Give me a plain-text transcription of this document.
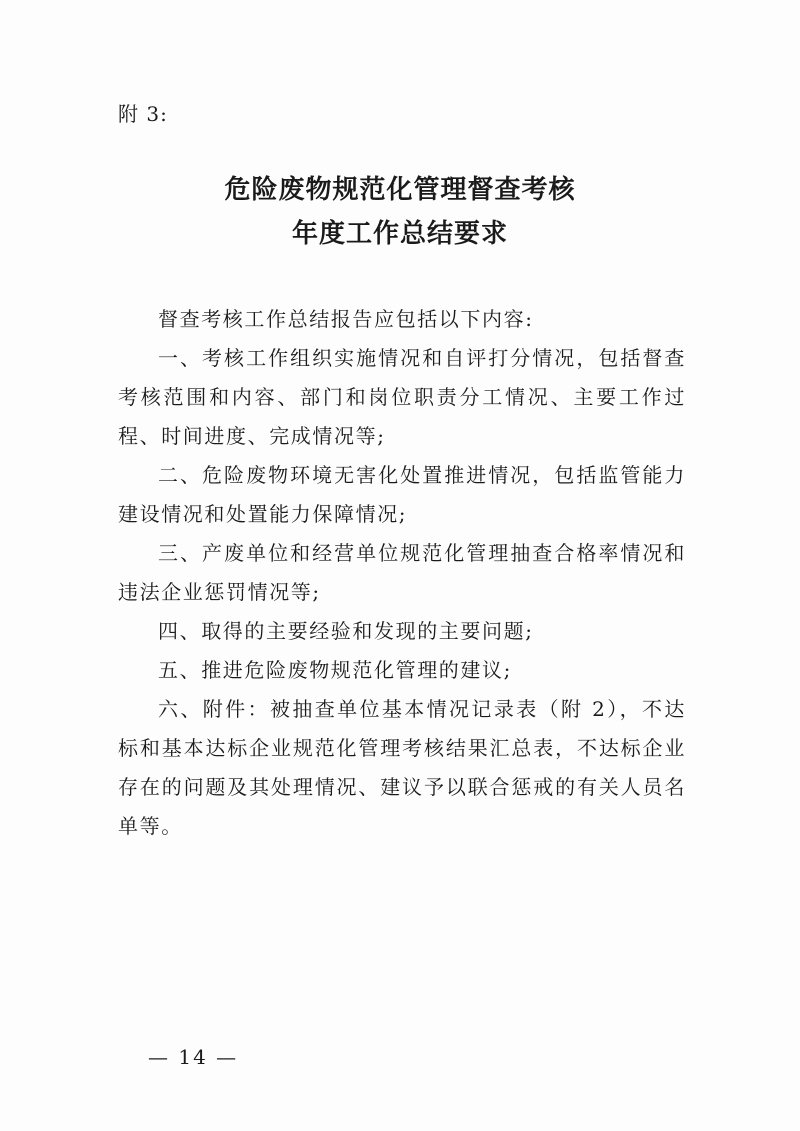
附 3:
危险废物规范化管理督查考核
年度工作总结要求

督查考核工作总结报告应包括以下内容:

一、考核工作组织实施情况和自评打分情况，包括督查考核范围和内容、部门和岗位职责分工情况、主要工作过程、时间进度、完成情况等;

二、危险废物环境无害化处置推进情况，包括监管能力建设情况和处置能力保障情况;

三、产废单位和经营单位规范化管理抽查合格率情况和违法企业惩罚情况等;

四、取得的主要经验和发现的主要问题;

五、推进危险废物规范化管理的建议;

六、附件：被抽查单位基本情况记录表（附 2），不达标和基本达标企业规范化管理考核结果汇总表，不达标企业存在的问题及其处理情况、建议予以联合惩戒的有关人员名单等。

— 14 —
